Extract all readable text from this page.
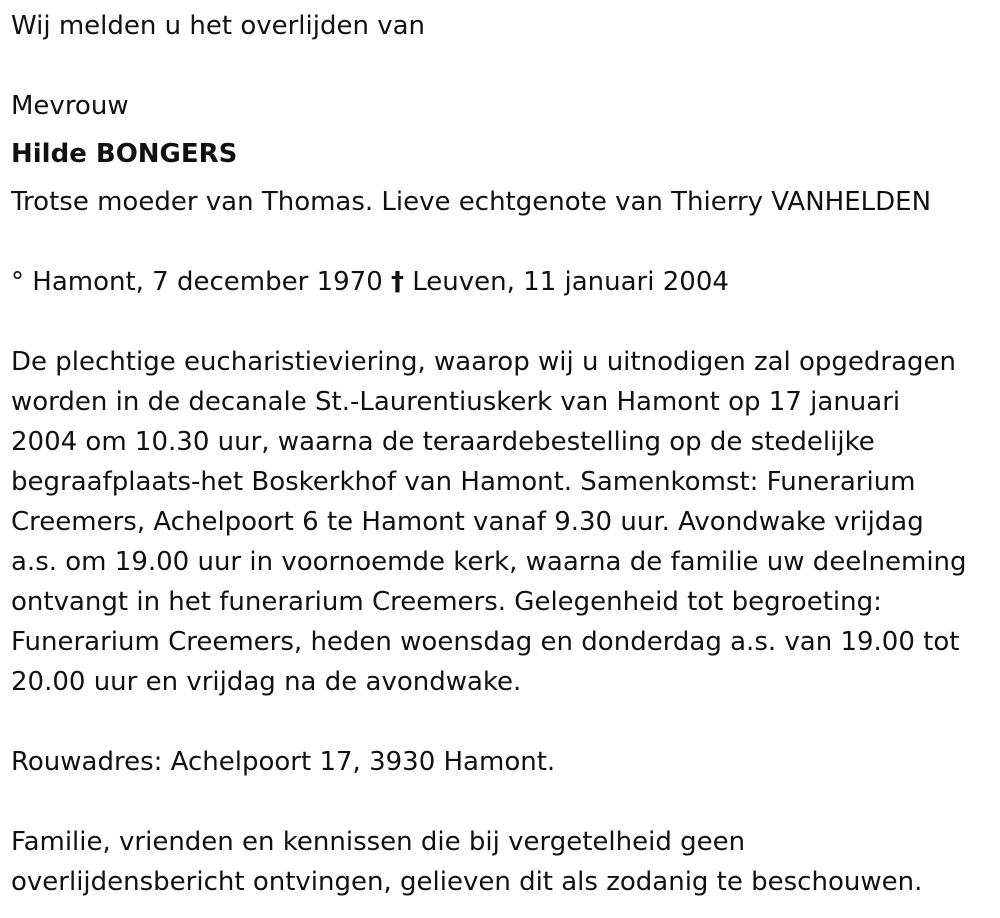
Wij melden u het overlijden van
Mevrouw
Hilde BONGERS
Trotse moeder van Thomas. Lieve echtgenote van Thierry VANHELDEN
° Hamont, 7 december 1970 † Leuven, 11 januari 2004
De plechtige eucharistieviering, waarop wij u uitnodigen zal opgedragen
worden in de decanale St.-Laurentiuskerk van Hamont op 17 januari
2004 om 10.30 uur, waarna de teraardebestelling op de stedelijke
begraafplaats-het Boskerkhof van Hamont. Samenkomst: Funerarium
Creemers, Achelpoort 6 te Hamont vanaf 9.30 uur. Avondwake vrijdag
a.s. om 19.00 uur in voornoemde kerk, waarna de familie uw deelneming
ontvangt in het funerarium Creemers. Gelegenheid tot begroeting:
Funerarium Creemers, heden woensdag en donderdag a.s. van 19.00 tot
20.00 uur en vrijdag na de avondwake.
Rouwadres: Achelpoort 17, 3930 Hamont.
Familie, vrienden en kennissen die bij vergetelheid geen
overlijdensbericht ontvingen, gelieven dit als zodanig te beschouwen.
